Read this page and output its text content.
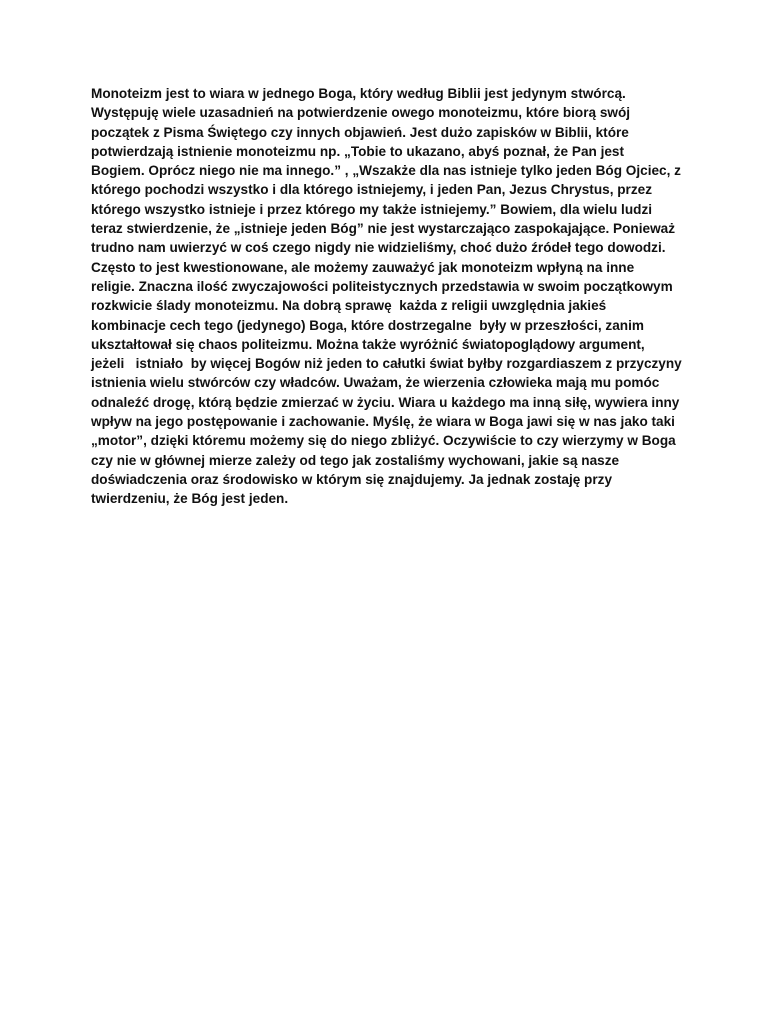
Monoteizm jest to wiara w jednego Boga, który według Biblii jest jedynym stwórcą.
Występuję wiele uzasadnień na potwierdzenie owego monoteizmu, które biorą swój
początek z Pisma Świętego czy innych objawień. Jest dużo zapisków w Biblii, które
potwierdzają istnienie monoteizmu np. „Tobie to ukazano, abyś poznał, że Pan jest
Bogiem. Oprócz niego nie ma innego.” , „Wszakże dla nas istnieje tylko jeden Bóg Ojciec, z
którego pochodzi wszystko i dla którego istniejemy, i jeden Pan, Jezus Chrystus, przez
którego wszystko istnieje i przez którego my także istniejemy.” Bowiem, dla wielu ludzi
teraz stwierdzenie, że „istnieje jeden Bóg” nie jest wystarczająco zaspokajające. Ponieważ
trudno nam uwierzyć w coś czego nigdy nie widzieliśmy, choć dużo źródeł tego dowodzi.
Często to jest kwestionowane, ale możemy zauważyć jak monoteizm wpłyną na inne
religie. Znaczna ilość zwyczajowości politeistycznych przedstawia w swoim początkowym
rozkwicie ślady monoteizmu. Na dobrą sprawę  każda z religii uwzględnia jakieś
kombinacje cech tego (jedynego) Boga, które dostrzegalne  były w przeszłości, zanim
ukształtował się chaos politeizmu. Można także wyróżnić światopoglądowy argument,
jeżeli   istniało  by więcej Bogów niż jeden to całutki świat byłby rozgardiaszem z przyczyny
istnienia wielu stwórców czy władców. Uważam, że wierzenia człowieka mają mu pomóc
odnaleźć drogę, którą będzie zmierzać w życiu. Wiara u każdego ma inną siłę, wywiera inny
wpływ na jego postępowanie i zachowanie. Myślę, że wiara w Boga jawi się w nas jako taki
„motor”, dzięki któremu możemy się do niego zbliżyć. Oczywiście to czy wierzymy w Boga
czy nie w głównej mierze zależy od tego jak zostaliśmy wychowani, jakie są nasze
doświadczenia oraz środowisko w którym się znajdujemy. Ja jednak zostaję przy
twierdzeniu, że Bóg jest jeden.
